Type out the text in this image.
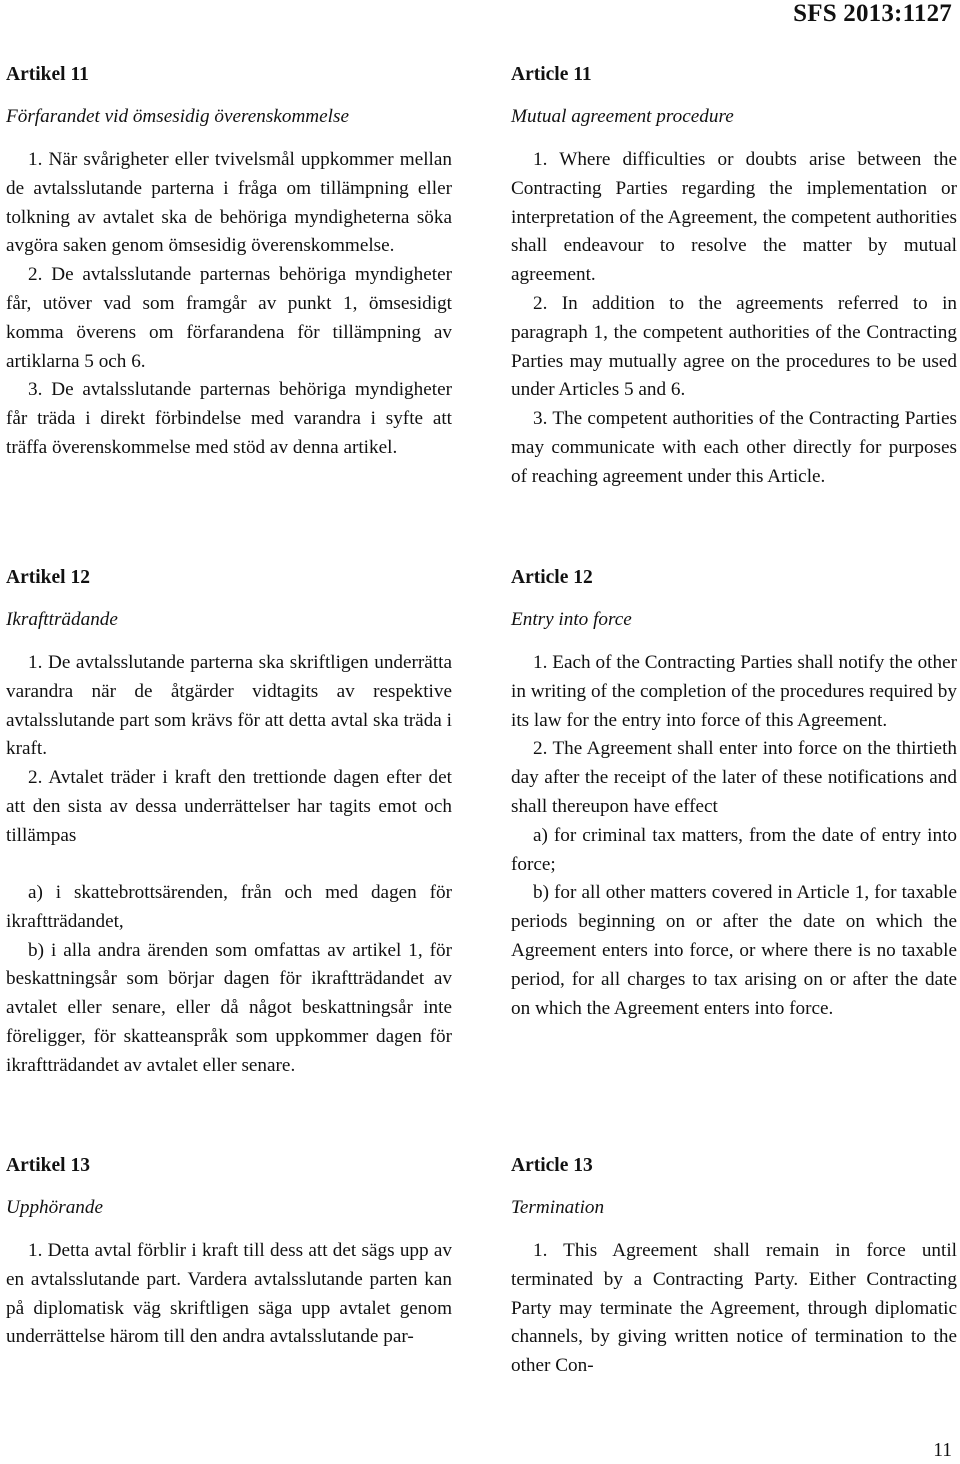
SFS 2013:1127
Artikel 11
Förfarandet vid ömsesidig överenskommelse

1. När svårigheter eller tvivelsmål uppkommer mellan de avtalsslutande parterna i fråga om tillämpning eller tolkning av avtalet ska de behöriga myndigheterna söka avgöra saken genom ömsesidig överenskommelse.

2. De avtalsslutande parternas behöriga myndigheter får, utöver vad som framgår av punkt 1, ömsesidigt komma överens om förfarandena för tillämpning av artiklarna 5 och 6.

3. De avtalsslutande parternas behöriga myndigheter får träda i direkt förbindelse med varandra i syfte att träffa överenskommelse med stöd av denna artikel.

Artikel 12
Ikraftträdande

1. De avtalsslutande parterna ska skriftligen underrätta varandra när de åtgärder vidtagits av respektive avtalsslutande part som krävs för att detta avtal ska träda i kraft.

2. Avtalet träder i kraft den trettionde dagen efter det att den sista av dessa underrättelser har tagits emot och tillämpas

a) i skattebrottsärenden, från och med dagen för ikraftträdandet,

b) i alla andra ärenden som omfattas av artikel 1, för beskattningsår som börjar dagen för ikraftträdandet av avtalet eller senare, eller då något beskattningsår inte föreligger, för skatteanspråk som uppkommer dagen för ikraftträdandet av avtalet eller senare.

Artikel 13
Upphörande

1. Detta avtal förblir i kraft till dess att det sägs upp av en avtalsslutande part. Vardera avtalsslutande parten kan på diplomatisk väg skriftligen säga upp avtalet genom underrättelse härom till den andra avtalsslutande par-

Article 11
Mutual agreement procedure

1. Where difficulties or doubts arise between the Contracting Parties regarding the implementation or interpretation of the Agreement, the competent authorities shall endeavour to resolve the matter by mutual agreement.

2. In addition to the agreements referred to in paragraph 1, the competent authorities of the Contracting Parties may mutually agree on the procedures to be used under Articles 5 and 6.

3. The competent authorities of the Contracting Parties may communicate with each other directly for purposes of reaching agreement under this Article.

Article 12
Entry into force

1. Each of the Contracting Parties shall notify the other in writing of the completion of the procedures required by its law for the entry into force of this Agreement.

2. The Agreement shall enter into force on the thirtieth day after the receipt of the later of these notifications and shall thereupon have effect

a) for criminal tax matters, from the date of entry into force;

b) for all other matters covered in Article 1, for taxable periods beginning on or after the date on which the Agreement enters into force, or where there is no taxable period, for all charges to tax arising on or after the date on which the Agreement enters into force.

Article 13
Termination

1. This Agreement shall remain in force until terminated by a Contracting Party. Either Contracting Party may terminate the Agreement, through diplomatic channels, by giving written notice of termination to the other Con-

11
